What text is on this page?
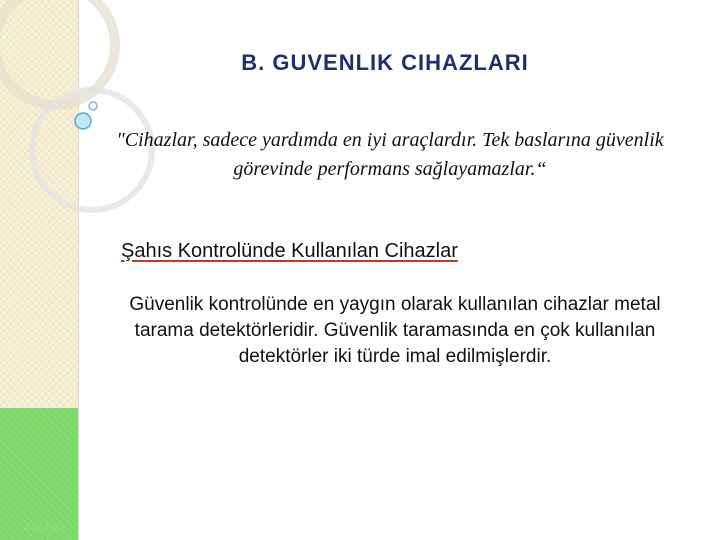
4.12.2020
B. GUVENLIK CIHAZLARI
"Cihazlar, sadece yardımda en iyi araçlardır. Tek baslarına güvenlik görevinde performans sağlayamazlar.“
Şahıs Kontrolünde Kullanılan Cihazlar
Güvenlik kontrolünde en yaygın olarak kullanılan cihazlar metal tarama detektörleridir. Güvenlik taramasında en çok kullanılan detektörler iki türde imal edilmişlerdir.
